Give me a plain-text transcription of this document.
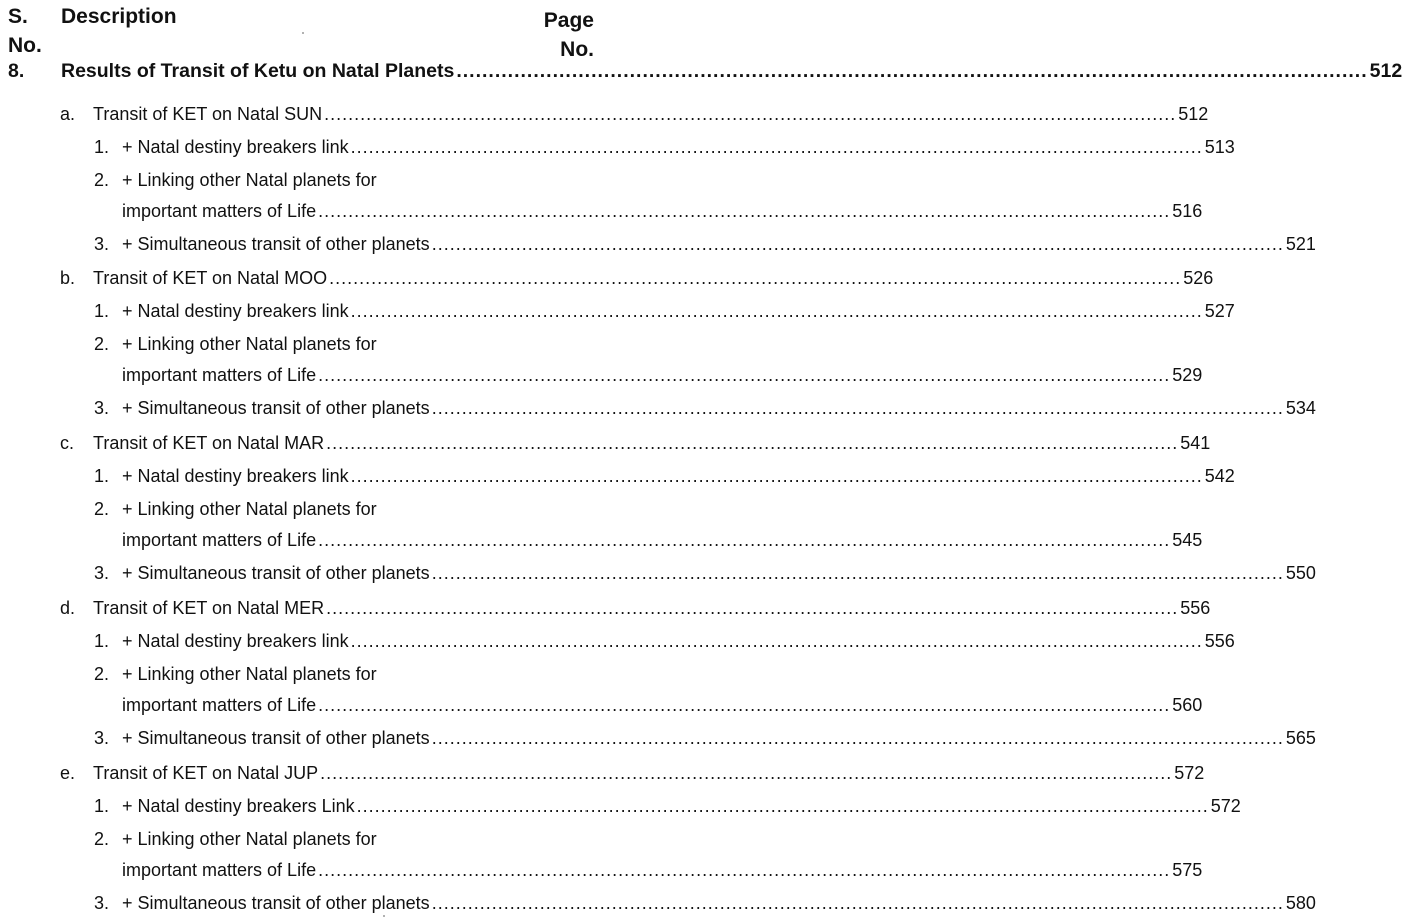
S.
No.
Description	Page
No.
8.	Results of Transit of Ketu on Natal Planets .....	512
a. Transit of KET on Natal SUN .....	512
1. + Natal destiny breakers link .....	513
2. + Linking other Natal planets for
important matters of Life .....	516
3. + Simultaneous transit of other planets .....	521
b. Transit of KET on Natal MOO .....	526
1. + Natal destiny breakers link .....	527
2. + Linking other Natal planets for
important matters of Life .....	529
3. + Simultaneous transit of other planets .....	534
c. Transit of KET on Natal MAR .....	541
1. + Natal destiny breakers link .....	542
2. + Linking other Natal planets for
important matters of Life .....	545
3. + Simultaneous transit of other planets .....	550
d. Transit of KET on Natal MER .....	556
1. + Natal destiny breakers link .....	556
2. + Linking other Natal planets for
important matters of Life .....	560
3. + Simultaneous transit of other planets .....	565
e. Transit of KET on Natal JUP .....	572
1. + Natal destiny breakers Link .....	572
2. + Linking other Natal planets for
important matters of Life .....	575
3. + Simultaneous transit of other planets .....	580
